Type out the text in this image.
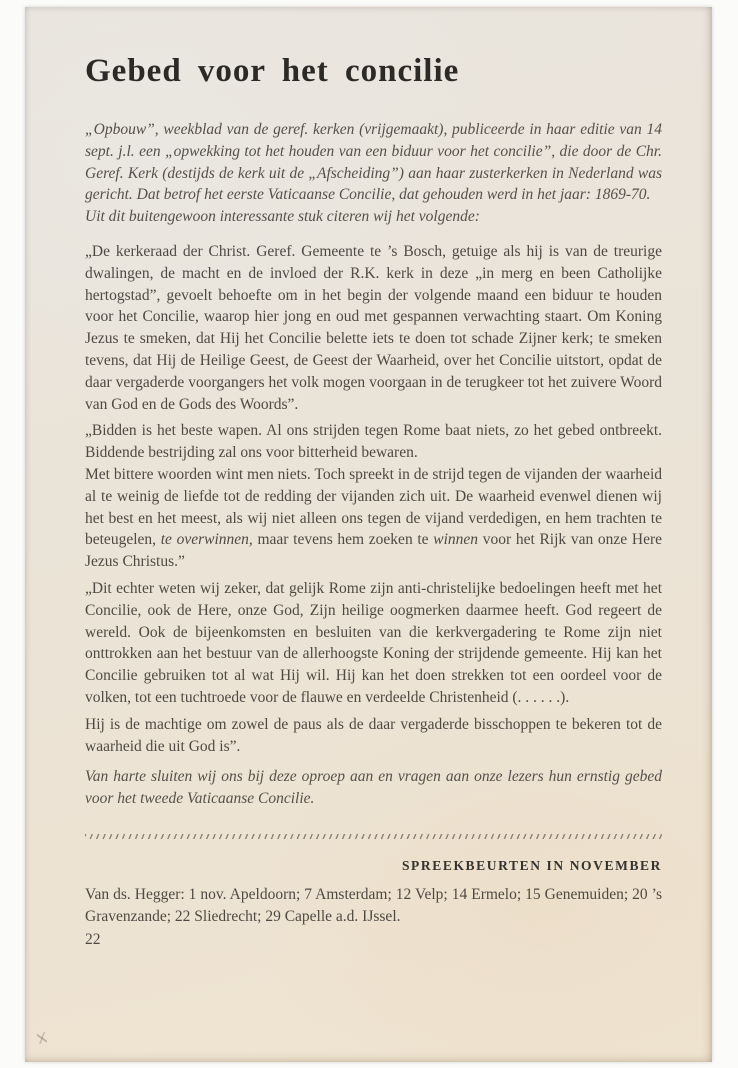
Gebed voor het concilie

„Opbouw”, weekblad van de geref. kerken (vrijgemaakt), publiceerde in haar editie van 14 sept. j.l. een „opwekking tot het houden van een biduur voor het concilie”, die door de Chr. Geref. Kerk (destijds de kerk uit de „Afscheiding”) aan haar zusterkerken in Nederland was gericht. Dat betrof het eerste Vaticaanse Concilie, dat gehouden werd in het jaar: 1869-70.

Uit dit buitengewoon interessante stuk citeren wij het volgende:

„De kerkeraad der Christ. Geref. Gemeente te ’s Bosch, getuige als hij is van de treurige dwalingen, de macht en de invloed der R.K. kerk in deze „in merg en been Catholijke hertogstad”, gevoelt behoefte om in het begin der volgende maand een biduur te houden voor het Concilie, waarop hier jong en oud met gespannen verwachting staart. Om Koning Jezus te smeken, dat Hij het Concilie belette iets te doen tot schade Zijner kerk; te smeken tevens, dat Hij de Heilige Geest, de Geest der Waarheid, over het Concilie uitstort, opdat de daar vergaderde voorgangers het volk mogen voorgaan in de terugkeer tot het zuivere Woord van God en de Gods des Woords”.

„Bidden is het beste wapen. Al ons strijden tegen Rome baat niets, zo het gebed ontbreekt. Biddende bestrijding zal ons voor bitterheid bewaren.

Met bittere woorden wint men niets. Toch spreekt in de strijd tegen de vijanden der waarheid al te weinig de liefde tot de redding der vijanden zich uit. De waarheid evenwel dienen wij het best en het meest, als wij niet alleen ons tegen de vijand verdedigen, en hem trachten te beteugelen, te overwinnen, maar tevens hem zoeken te winnen voor het Rijk van onze Here Jezus Christus.”

„Dit echter weten wij zeker, dat gelijk Rome zijn anti-christelijke bedoelingen heeft met het Concilie, ook de Here, onze God, Zijn heilige oogmerken daarmee heeft. God regeert de wereld. Ook de bijeenkomsten en besluiten van die kerkvergadering te Rome zijn niet onttrokken aan het bestuur van de allerhoogste Koning der strijdende gemeente. Hij kan het Concilie gebruiken tot al wat Hij wil. Hij kan het doen strekken tot een oordeel voor de volken, tot een tuchtroede voor de flauwe en verdeelde Christenheid (. . . . . .).

Hij is de machtige om zowel de paus als de daar vergaderde bisschoppen te bekeren tot de waarheid die uit God is”.

Van harte sluiten wij ons bij deze oproep aan en vragen aan onze lezers hun ernstig gebed voor het tweede Vaticaanse Concilie.

SPREEKBEURTEN IN NOVEMBER

Van ds. Hegger: 1 nov. Apeldoorn; 7 Amsterdam; 12 Velp; 14 Ermelo; 15 Genemuiden; 20 ’s Gravenzande; 22 Sliedrecht; 29 Capelle a.d. IJssel.

22
